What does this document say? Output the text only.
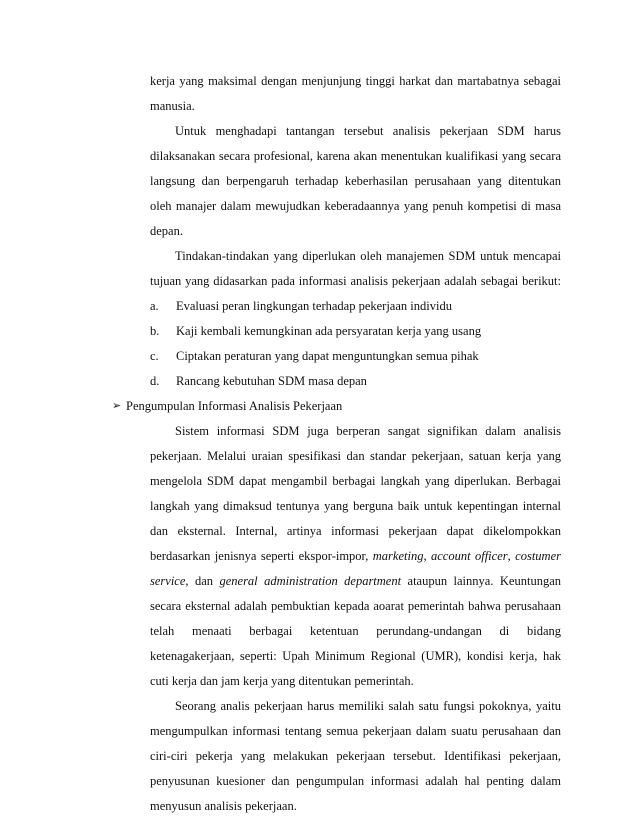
kerja yang maksimal dengan menjunjung tinggi harkat dan martabatnya sebagai
manusia.
Untuk menghadapi tantangan tersebut analisis pekerjaan SDM harus
dilaksanakan secara profesional, karena akan menentukan kualifikasi yang secara
langsung dan berpengaruh terhadap keberhasilan perusahaan yang ditentukan
oleh manajer dalam mewujudkan keberadaannya yang penuh kompetisi di masa
depan.
Tindakan-tindakan yang diperlukan oleh manajemen SDM untuk mencapai
tujuan yang didasarkan pada informasi analisis pekerjaan adalah sebagai berikut:
a. Evaluasi peran lingkungan terhadap pekerjaan individu
b. Kaji kembali kemungkinan ada persyaratan kerja yang usang
c. Ciptakan peraturan yang dapat menguntungkan semua pihak
d. Rancang kebutuhan SDM masa depan
➢ Pengumpulan Informasi Analisis Pekerjaan
Sistem informasi SDM juga berperan sangat signifikan dalam analisis
pekerjaan. Melalui uraian spesifikasi dan standar pekerjaan, satuan kerja yang
mengelola SDM dapat mengambil berbagai langkah yang diperlukan. Berbagai
langkah yang dimaksud tentunya yang berguna baik untuk kepentingan internal
dan eksternal. Internal, artinya informasi pekerjaan dapat dikelompokkan
berdasarkan jenisnya seperti ekspor-impor, marketing, account officer, costumer
service, dan general administration department ataupun lainnya. Keuntungan
secara eksternal adalah pembuktian kepada aoarat pemerintah bahwa perusahaan
telah menaati berbagai ketentuan perundang-undangan di bidang
ketenagakerjaan, seperti: Upah Minimum Regional (UMR), kondisi kerja, hak
cuti kerja dan jam kerja yang ditentukan pemerintah.
Seorang analis pekerjaan harus memiliki salah satu fungsi pokoknya, yaitu
mengumpulkan informasi tentang semua pekerjaan dalam suatu perusahaan dan
ciri-ciri pekerja yang melakukan pekerjaan tersebut. Identifikasi pekerjaan,
penyusunan kuesioner dan pengumpulan informasi adalah hal penting dalam
menyusun analisis pekerjaan.
